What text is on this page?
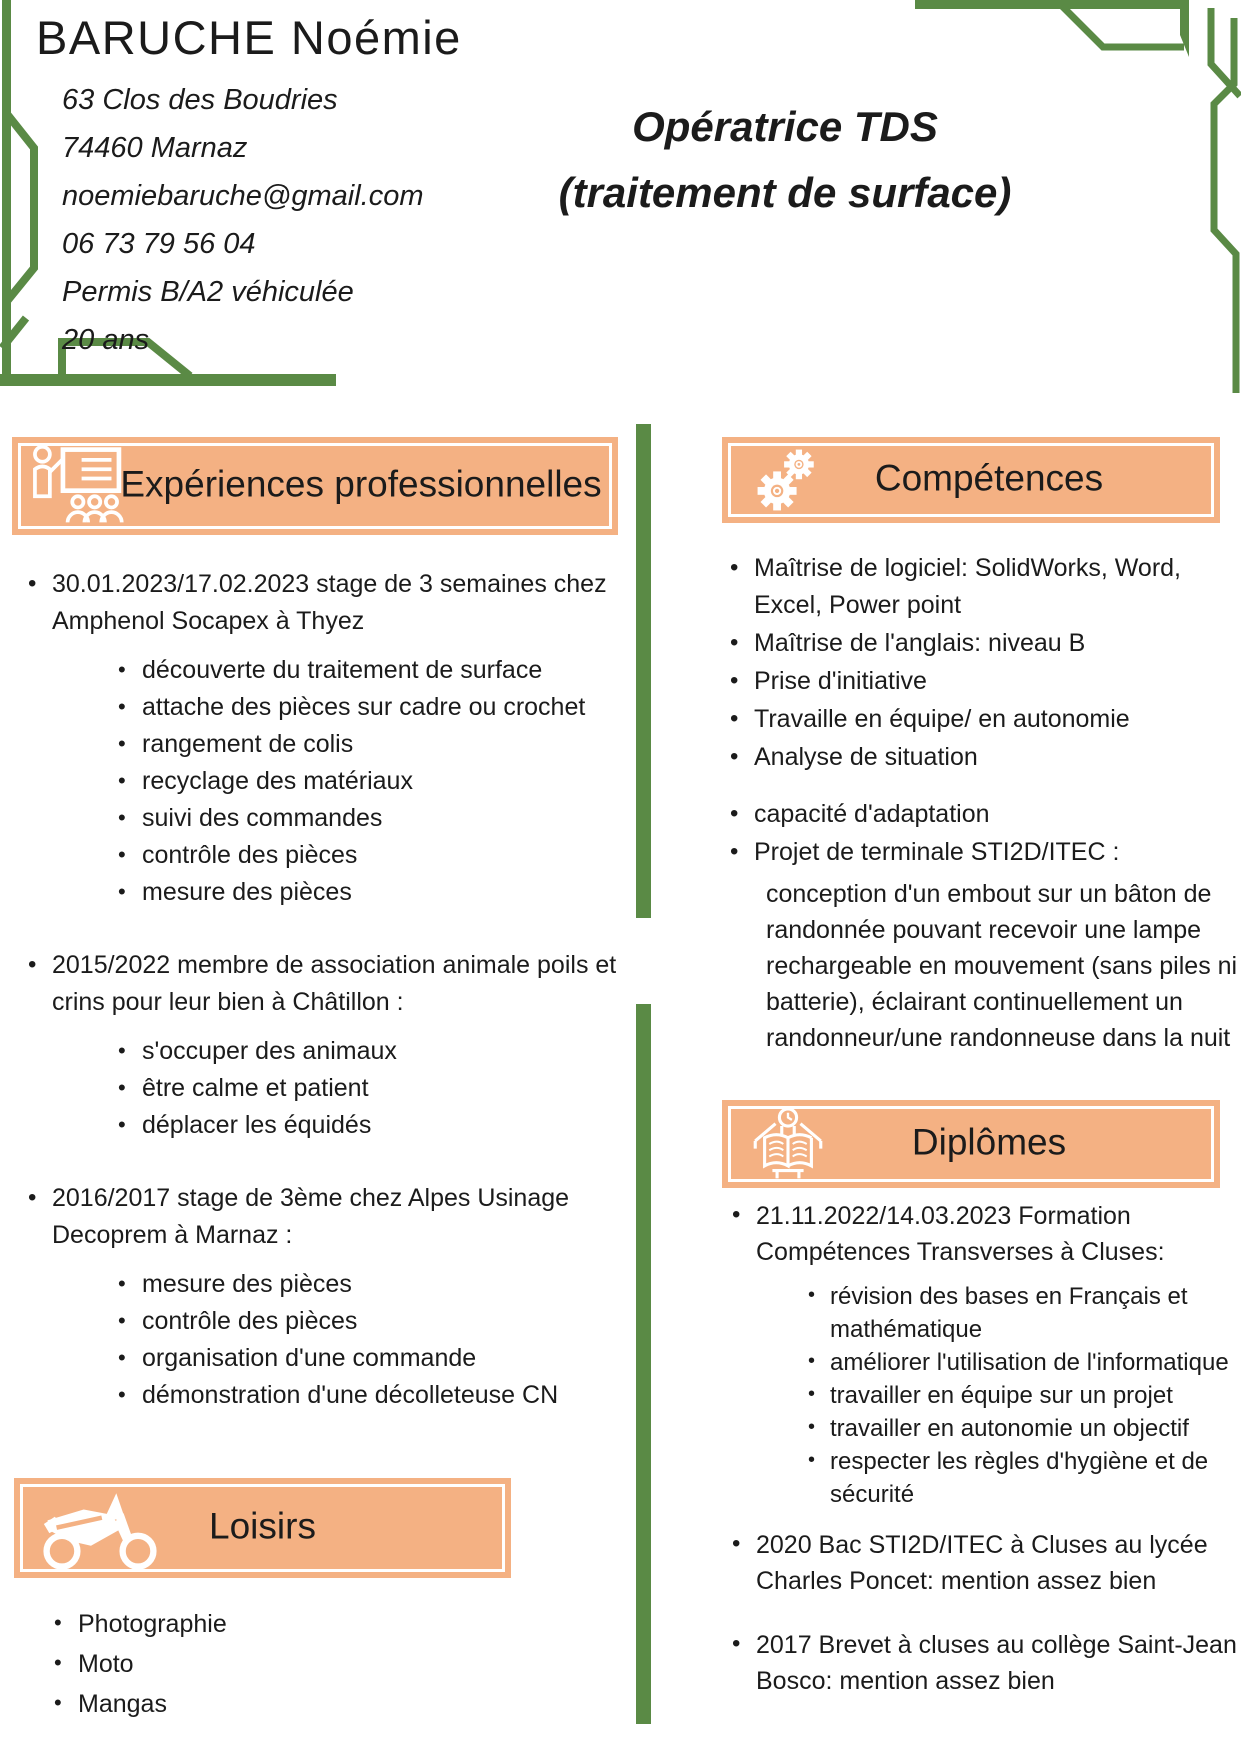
BARUCHE Noémie
63 Clos des Boudries
74460 Marnaz
noemiebaruche@gmail.com
06 73 79 56 04
Permis B/A2 véhiculée
20 ans
Opératrice TDS
(traitement de surface)
Expériences professionnelles
• 30.01.2023/17.02.2023 stage de 3 semaines chez Amphenol Socapex à Thyez
• découverte du traitement de surface
• attache des pièces sur cadre ou crochet
• rangement de colis
• recyclage des matériaux
• suivi des commandes
• contrôle des pièces
• mesure des pièces
• 2015/2022 membre de association animale poils et crins pour leur bien à Châtillon :
• s'occuper des animaux
• être calme et patient
• déplacer les équidés
• 2016/2017 stage de 3ème chez Alpes Usinage Decoprem à Marnaz :
• mesure des pièces
• contrôle des pièces
• organisation d'une commande
• démonstration d'une décolleteuse CN
Compétences
• Maîtrise de logiciel: SolidWorks, Word, Excel, Power point
• Maîtrise de l'anglais: niveau B
• Prise d'initiative
• Travaille en équipe/ en autonomie
• Analyse de situation
• capacité d'adaptation
• Projet de terminale STI2D/ITEC :
conception d'un embout sur un bâton de randonnée pouvant recevoir une lampe rechargeable en mouvement (sans piles ni batterie), éclairant continuellement un randonneur/une randonneuse dans la nuit
Diplômes
• 21.11.2022/14.03.2023 Formation Compétences Transverses à Cluses:
• révision des bases en Français et mathématique
• améliorer l'utilisation de l'informatique
• travailler en équipe sur un projet
• travailler en autonomie un objectif
• respecter les règles d'hygiène et de sécurité
• 2020 Bac STI2D/ITEC à Cluses au lycée Charles Poncet: mention assez bien
• 2017 Brevet à cluses au collège Saint-Jean Bosco: mention assez bien
Loisirs
• Photographie
• Moto
• Mangas
